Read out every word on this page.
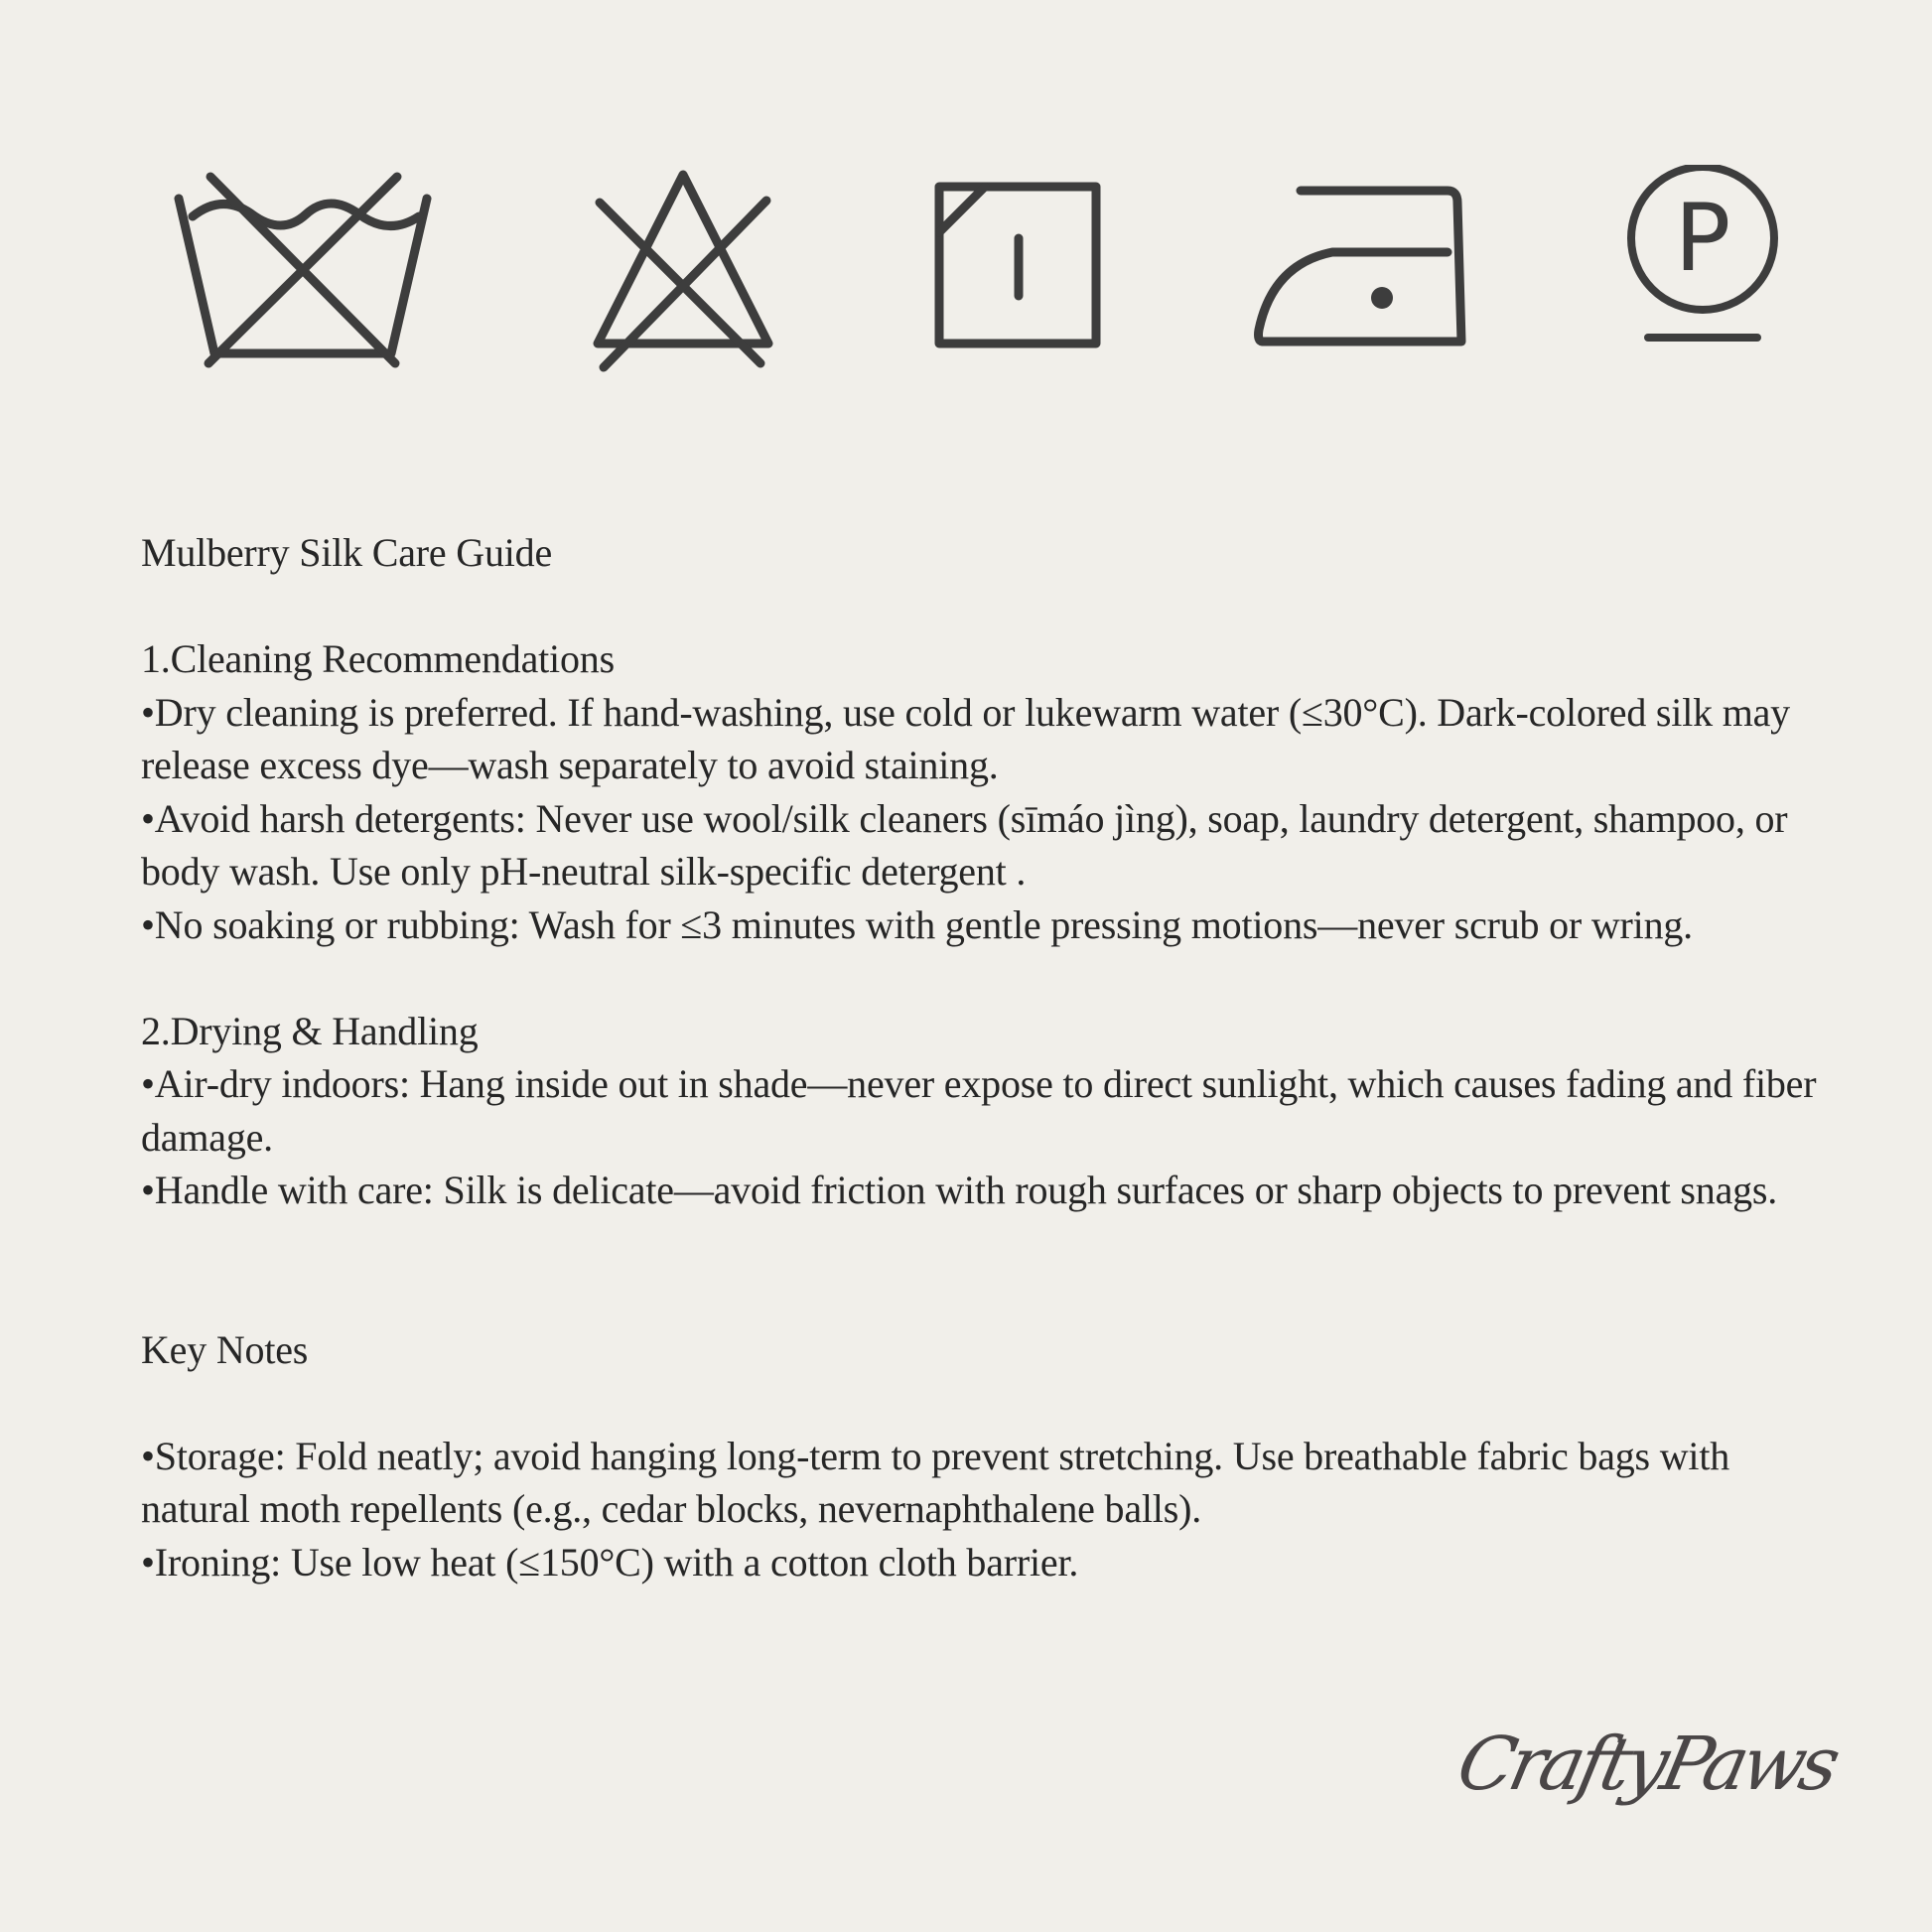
P

Mulberry Silk Care Guide

1.Cleaning Recommendations

•Dry cleaning is preferred. If hand-washing, use cold or lukewarm water (≤30°C). Dark-colored silk may release excess dye—wash separately to avoid staining.

•Avoid harsh detergents: Never use wool/silk cleaners (sīmáo jìng), soap, laundry detergent, shampoo, or body wash. Use only pH-neutral silk-specific detergent .

•No soaking or rubbing: Wash for ≤3 minutes with gentle pressing motions—never scrub or wring.

2.Drying & Handling

•Air-dry indoors: Hang inside out in shade—never expose to direct sunlight, which causes fading and fiber damage.

•Handle with care: Silk is delicate—avoid friction with rough surfaces or sharp objects to prevent snags.

Key Notes

•Storage: Fold neatly; avoid hanging long-term to prevent stretching. Use breathable fabric bags with natural moth repellents (e.g., cedar blocks, nevernaphthalene balls).

•Ironing: Use low heat (≤150°C) with a cotton cloth barrier.

CraftyPaws
